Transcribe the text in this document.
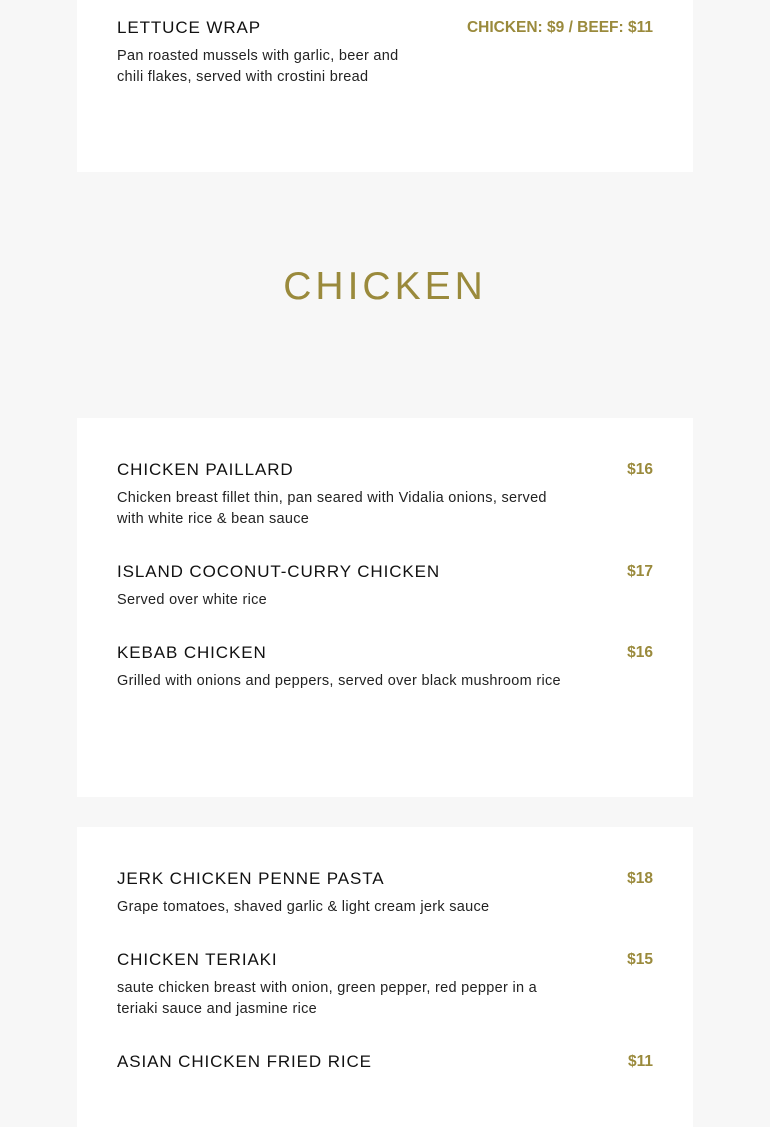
LETTUCE WRAP	CHICKEN: $9 / BEEF: $11
Pan roasted mussels with garlic, beer and chili flakes, served with crostini bread
CHICKEN
CHICKEN PAILLARD	$16
Chicken breast fillet thin, pan seared with Vidalia onions, served with white rice & bean sauce
ISLAND COCONUT-CURRY CHICKEN	$17
Served over white rice
KEBAB CHICKEN	$16
Grilled with onions and peppers, served over black mushroom rice
JERK CHICKEN PENNE PASTA	$18
Grape tomatoes, shaved garlic & light cream jerk sauce
CHICKEN TERIAKI	$15
saute chicken breast with onion, green pepper, red pepper in a teriaki sauce and jasmine rice
ASIAN CHICKEN FRIED RICE	$11
